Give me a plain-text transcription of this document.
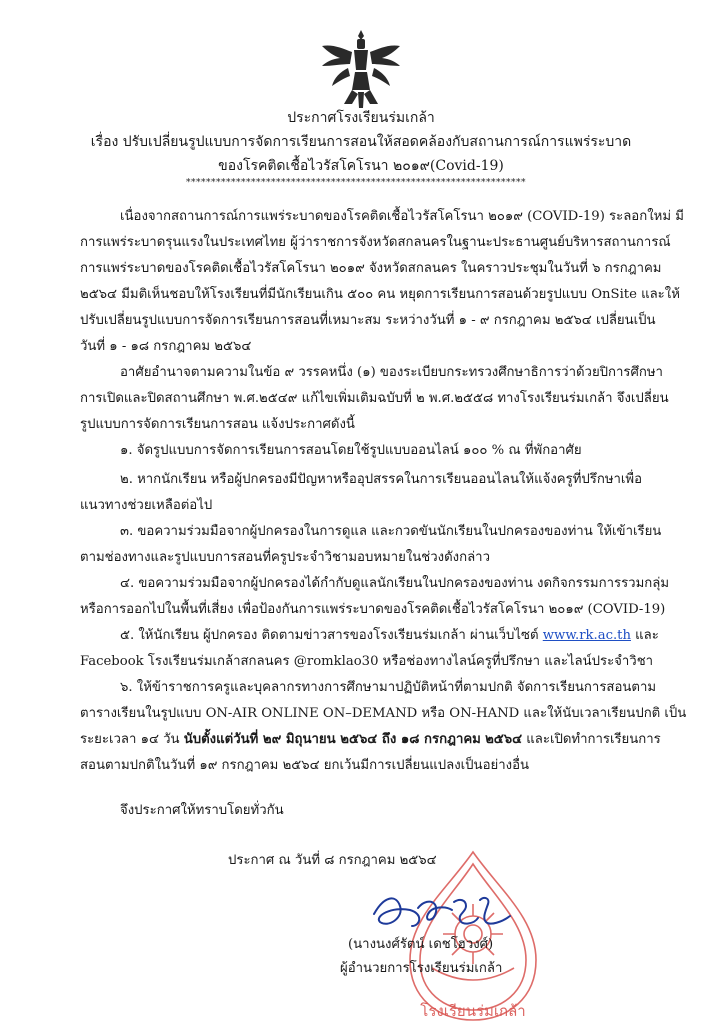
ประกาศโรงเรียนร่มเกล้า
เรื่อง ปรับเปลี่ยนรูปแบบการจัดการเรียนการสอนให้สอดคล้องกับสถานการณ์การแพร่ระบาด
ของโรคติดเชื้อไวรัสโคโรนา ๒๐๑๙(Covid-19)
********************************************************************
เนื่องจากสถานการณ์การแพร่ระบาดของโรคติดเชื้อไวรัสโคโรนา ๒๐๑๙ (COVID-19) ระลอกใหม่ มี
การแพร่ระบาดรุนแรงในประเทศไทย ผู้ว่าราชการจังหวัดสกลนครในฐานะประธานศูนย์บริหารสถานการณ์
การแพร่ระบาดของโรคติดเชื้อไวรัสโคโรนา ๒๐๑๙ จังหวัดสกลนคร ในคราวประชุมในวันที่ ๖ กรกฎาคม
๒๕๖๔ มีมติเห็นชอบให้โรงเรียนที่มีนักเรียนเกิน ๕๐๐ คน หยุดการเรียนการสอนด้วยรูปแบบ OnSite และให้
ปรับเปลี่ยนรูปแบบการจัดการเรียนการสอนที่เหมาะสม ระหว่างวันที่ ๑ - ๙ กรกฎาคม ๒๕๖๔ เปลี่ยนเป็น
วันที่ ๑ - ๑๘ กรกฎาคม ๒๕๖๔
อาศัยอำนาจตามความในข้อ ๙ วรรคหนึ่ง (๑) ของระเบียบกระทรวงศึกษาธิการว่าด้วยปิการศึกษา
การเปิดและปิดสถานศึกษา พ.ศ.๒๕๔๙ แก้ไขเพิ่มเติมฉบับที่ ๒ พ.ศ.๒๕๕๘ ทางโรงเรียนร่มเกล้า จึงเปลี่ยน
รูปแบบการจัดการเรียนการสอน แจ้งประกาศดังนี้
๑. จัดรูปแบบการจัดการเรียนการสอนโดยใช้รูปแบบออนไลน์ ๑๐๐ % ณ ที่พักอาศัย
๒. หากนักเรียน หรือผู้ปกครองมีปัญหาหรืออุปสรรคในการเรียนออนไลนให้แจ้งครูที่ปรึกษาเพื่อ
แนวทางช่วยเหลือต่อไป
๓. ขอความร่วมมือจากผู้ปกครองในการดูแล และกวดขันนักเรียนในปกครองของท่าน ให้เข้าเรียน
ตามช่องทางและรูปแบบการสอนที่ครูประจำวิชามอบหมายในช่วงดังกล่าว
๔. ขอความร่วมมือจากผู้ปกครองได้กำกับดูแลนักเรียนในปกครองของท่าน งดกิจกรรมการรวมกลุ่ม
หรือการออกไปในพื้นที่เสี่ยง เพื่อป้องกันการแพร่ระบาดของโรคติดเชื้อไวรัสโคโรนา ๒๐๑๙ (COVID-19)
๕. ให้นักเรียน ผู้ปกครอง ติดตามข่าวสารของโรงเรียนร่มเกล้า ผ่านเว็บไซต์ www.rk.ac.th และ
Facebook โรงเรียนร่มเกล้าสกลนคร @romklao30 หรือช่องทางไลน์ครูที่ปรึกษา และไลน์ประจำวิชา
๖. ให้ข้าราชการครูและบุคลากรทางการศึกษามาปฏิบัติหน้าที่ตามปกติ จัดการเรียนการสอนตาม
ตารางเรียนในรูปแบบ ON-AIR ONLINE ON–DEMAND หรือ ON-HAND และให้นับเวลาเรียนปกติ เป็น
ระยะเวลา ๑๔ วัน นับตั้งแต่วันที่ ๒๙ มิถุนายน ๒๕๖๔ ถึง ๑๘ กรกฎาคม ๒๕๖๔ และเปิดทำการเรียนการ
สอนตามปกติในวันที่ ๑๙ กรกฎาคม ๒๕๖๔ ยกเว้นมีการเปลี่ยนแปลงเป็นอย่างอื่น
จึงประกาศให้ทราบโดยทั่วกัน
ประกาศ ณ วันที่ ๘ กรกฎาคม ๒๕๖๔
โรงเรียนร่มเกล้า
(นางนงศ์รัตน์ เดชโฮวงศ์)
ผู้อำนวยการโรงเรียนร่มเกล้า
